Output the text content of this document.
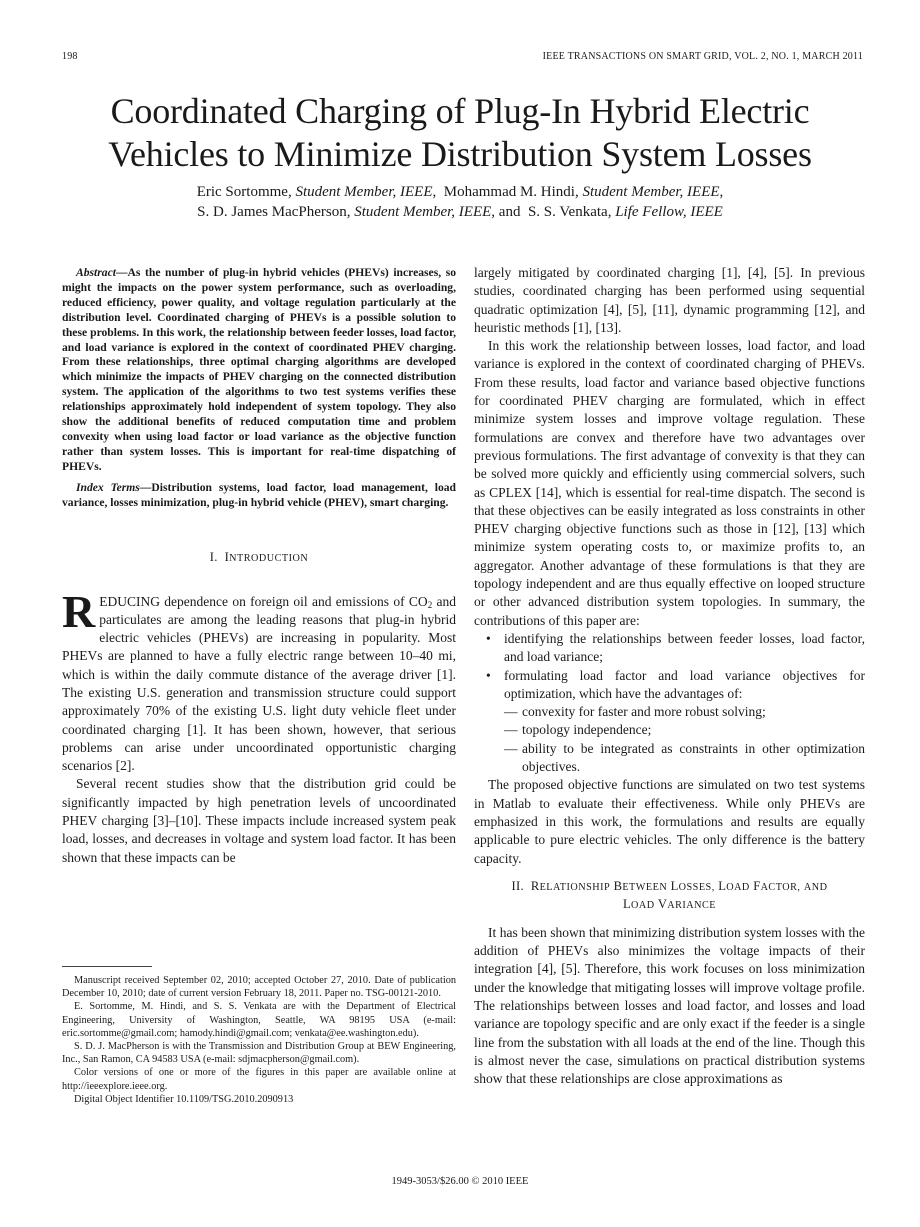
198	IEEE TRANSACTIONS ON SMART GRID, VOL. 2, NO. 1, MARCH 2011
Coordinated Charging of Plug-In Hybrid Electric
Vehicles to Minimize Distribution System Losses
Eric Sortomme, Student Member, IEEE,  Mohammad M. Hindi, Student Member, IEEE,
S. D. James MacPherson, Student Member, IEEE, and S. S. Venkata, Life Fellow, IEEE

Abstract—As the number of plug-in hybrid vehicles (PHEVs) increases, so might the impacts on the power system performance, such as overloading, reduced efficiency, power quality, and voltage regulation particularly at the distribution level. Coordinated charging of PHEVs is a possible solution to these problems. In this work, the relationship between feeder losses, load factor, and load variance is explored in the context of coordinated PHEV charging. From these relationships, three optimal charging algorithms are developed which minimize the impacts of PHEV charging on the connected distribution system. The application of the algorithms to two test systems verifies these relationships approximately hold independent of system topology. They also show the additional benefits of reduced computation time and problem convexity when using load factor or load variance as the objective function rather than system losses. This is important for real-time dispatching of PHEVs.

Index Terms—Distribution systems, load factor, load management, load variance, losses minimization, plug-in hybrid vehicle (PHEV), smart charging.

I. INTRODUCTION

REDUCING dependence on foreign oil and emissions of $CO_2$ and particulates are among the leading reasons that plug-in hybrid electric vehicles (PHEVs) are increasing in popularity. Most PHEVs are planned to have a fully electric range between 10–40 mi, which is within the daily commute distance of the average driver [1]. The existing U.S. generation and transmission structure could support approximately 70% of the existing U.S. light duty vehicle fleet under coordinated charging [1]. It has been shown, however, that serious problems can arise under uncoordinated opportunistic charging scenarios [2].

Several recent studies show that the distribution grid could be significantly impacted by high penetration levels of uncoordinated PHEV charging [3]–[10]. These impacts include increased system peak load, losses, and decreases in voltage and system load factor. It has been shown that these impacts can be

Manuscript received September 02, 2010; accepted October 27, 2010. Date of publication December 10, 2010; date of current version February 18, 2011. Paper no. TSG-00121-2010.

E. Sortomme, M. Hindi, and S. S. Venkata are with the Department of Electrical Engineering, University of Washington, Seattle, WA 98195 USA (e-mail: eric.sortomme@gmail.com; hamody.hindi@gmail.com; venkata@ee.washington.edu).

S. D. J. MacPherson is with the Transmission and Distribution Group at BEW Engineering, Inc., San Ramon, CA 94583 USA (e-mail: sdjmacpherson@gmail.com).

Color versions of one or more of the figures in this paper are available online at http://ieeexplore.ieee.org.

Digital Object Identifier 10.1109/TSG.2010.2090913

largely mitigated by coordinated charging [1], [4], [5]. In previous studies, coordinated charging has been performed using sequential quadratic optimization [4], [5], [11], dynamic programming [12], and heuristic methods [1], [13].

In this work the relationship between losses, load factor, and load variance is explored in the context of coordinated charging of PHEVs. From these results, load factor and variance based objective functions for coordinated PHEV charging are formulated, which in effect minimize system losses and improve voltage regulation. These formulations are convex and therefore have two advantages over previous formulations. The first advantage of convexity is that they can be solved more quickly and efficiently using commercial solvers, such as CPLEX [14], which is essential for real-time dispatch. The second is that these objectives can be easily integrated as loss constraints in other PHEV charging objective functions such as those in [12], [13] which minimize system operating costs to, or maximize profits to, an aggregator. Another advantage of these formulations is that they are topology independent and are thus equally effective on looped structure or other advanced distribution system topologies. In summary, the contributions of this paper are:

• identifying the relationships between feeder losses, load factor, and load variance;
• formulating load factor and load variance objectives for optimization, which have the advantages of:
— convexity for faster and more robust solving;
— topology independence;
— ability to be integrated as constraints in other optimization objectives.

The proposed objective functions are simulated on two test systems in Matlab to evaluate their effectiveness. While only PHEVs are emphasized in this work, the formulations and results are equally applicable to pure electric vehicles. The only difference is the battery capacity.

II. RELATIONSHIP BETWEEN LOSSES, LOAD FACTOR, AND
LOAD VARIANCE

It has been shown that minimizing distribution system losses with the addition of PHEVs also minimizes the voltage impacts of their integration [4], [5]. Therefore, this work focuses on loss minimization under the knowledge that mitigating losses will improve voltage profile. The relationships between losses and load factor, and losses and load variance are topology specific and are only exact if the feeder is a single line from the substation with all loads at the end of the line. Though this is almost never the case, simulations on practical distribution systems show that these relationships are close approximations as

1949-3053/$26.00 © 2010 IEEE
